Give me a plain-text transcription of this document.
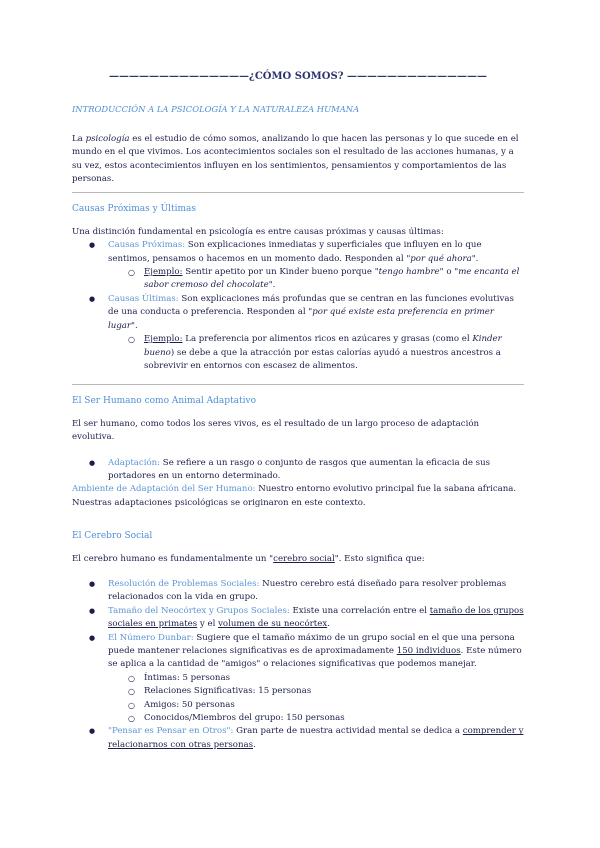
——————————————¿CÓMO SOMOS? ——————————————
INTRODUCCIÓN A LA PSICOLOGÍA Y LA NATURALEZA HUMANA

La psicología es el estudio de cómo somos, analizando lo que hacen las personas y lo que sucede en el mundo en el que vivimos. Los acontecimientos sociales son el resultado de las acciones humanas, y a su vez, estos acontecimientos influyen en los sentimientos, pensamientos y comportamientos de las personas.

Causas Próximas y Últimas

Una distinción fundamental en psicología es entre causas próximas y causas últimas:

● Causas Próximas: Son explicaciones inmediatas y superficiales que influyen en lo que sentimos, pensamos o hacemos en un momento dado. Responden al "por qué ahora".
○ Ejemplo: Sentir apetito por un Kinder bueno porque "tengo hambre" o "me encanta el sabor cremoso del chocolate".
● Causas Últimas: Son explicaciones más profundas que se centran en las funciones evolutivas de una conducta o preferencia. Responden al "por qué existe esta preferencia en primer lugar".
○ Ejemplo: La preferencia por alimentos ricos en azúcares y grasas (como el Kinder bueno) se debe a que la atracción por estas calorías ayudó a nuestros ancestros a sobrevivir en entornos con escasez de alimentos.
El Ser Humano como Animal Adaptativo

El ser humano, como todos los seres vivos, es el resultado de un largo proceso de adaptación evolutiva.

● Adaptación: Se refiere a un rasgo o conjunto de rasgos que aumentan la eficacia de sus portadores en un entorno determinado.

Ambiente de Adaptación del Ser Humano: Nuestro entorno evolutivo principal fue la sabana africana. Nuestras adaptaciones psicológicas se originaron en este contexto.

El Cerebro Social

El cerebro humano es fundamentalmente un "cerebro social". Esto significa que:

● Resolución de Problemas Sociales: Nuestro cerebro está diseñado para resolver problemas relacionados con la vida en grupo.
● Tamaño del Neocórtex y Grupos Sociales: Existe una correlación entre el tamaño de los grupos sociales en primates y el volumen de su neocórtex.
● El Número Dunbar: Sugiere que el tamaño máximo de un grupo social en el que una persona puede mantener relaciones significativas es de aproximadamente 150 individuos. Este número se aplica a la cantidad de "amigos" o relaciones significativas que podemos manejar.
○ Íntimas: 5 personas
○ Relaciones Significativas: 15 personas
○ Amigos: 50 personas
○ Conocidos/Miembros del grupo: 150 personas
● "Pensar es Pensar en Otros": Gran parte de nuestra actividad mental se dedica a comprender y relacionarnos con otras personas.
